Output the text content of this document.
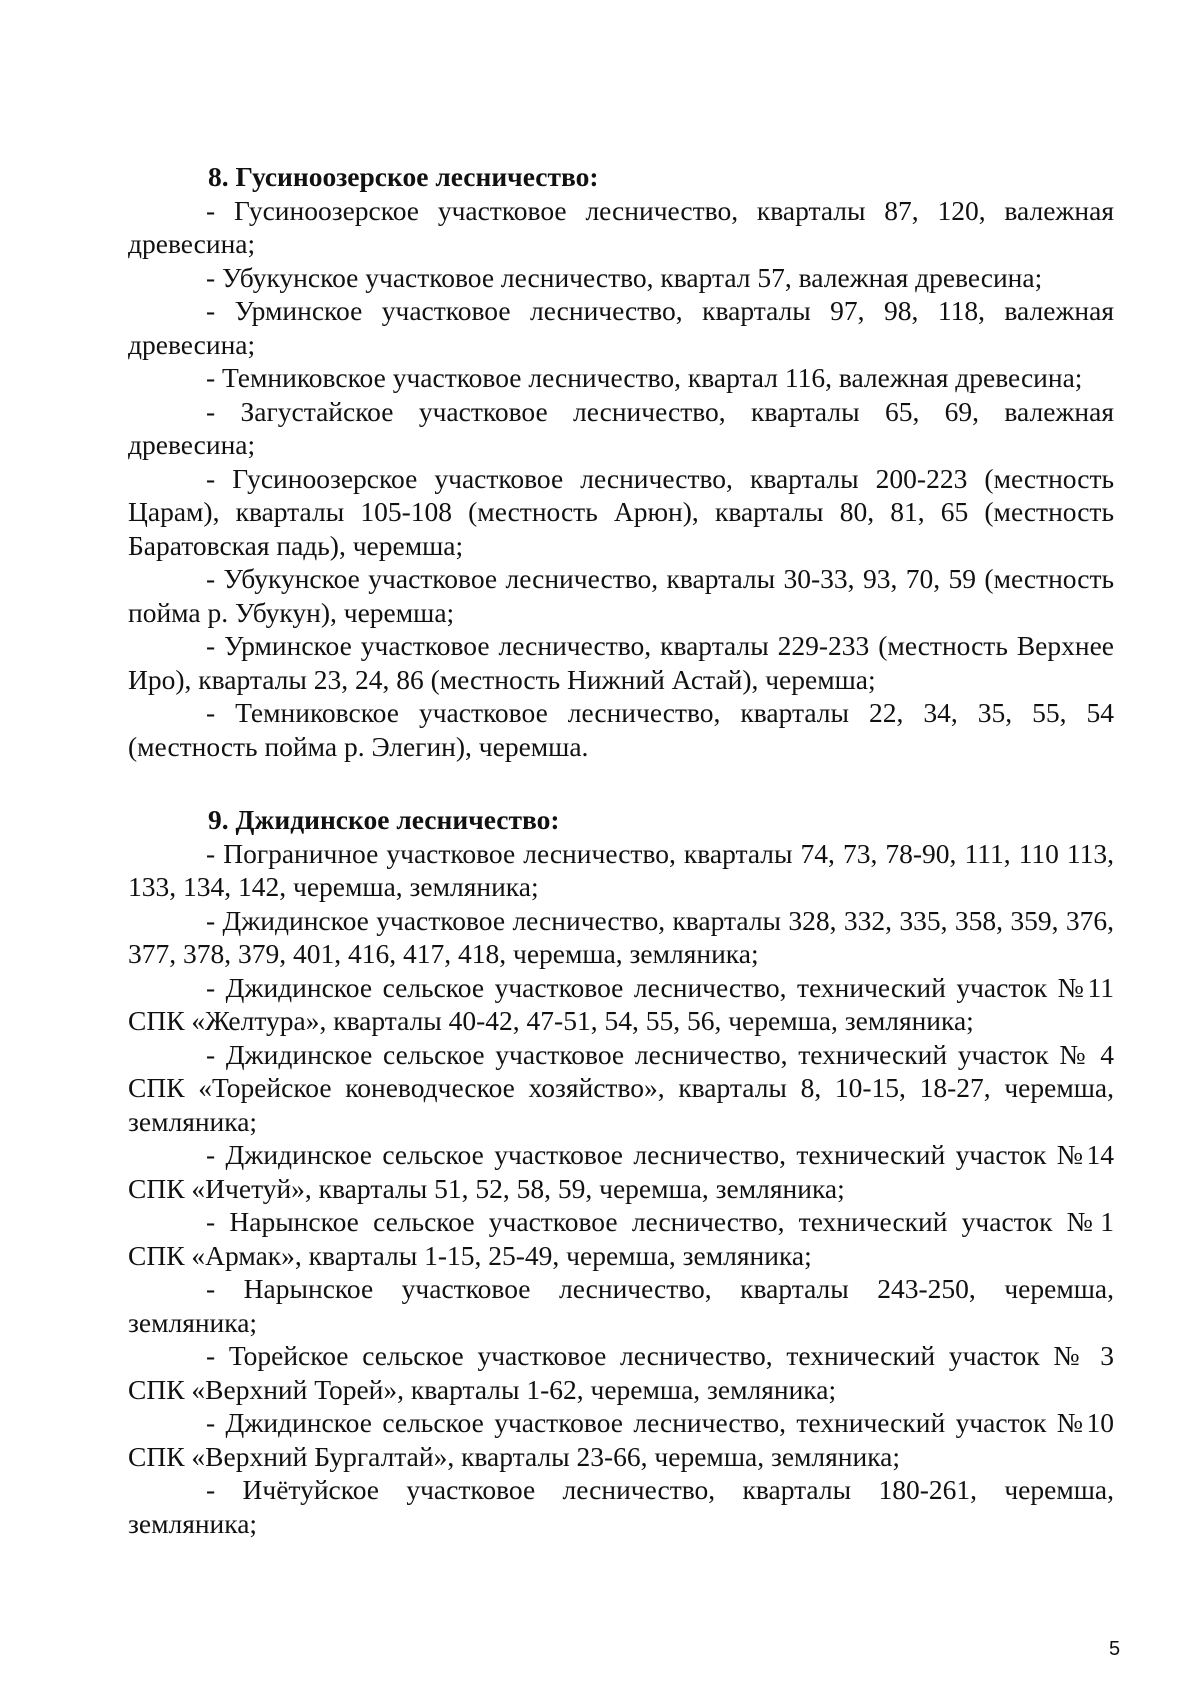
8. Гусиноозерское лесничество:

- Гусиноозерское участковое лесничество, кварталы 87, 120, валежная древесина;

- Убукунское участковое лесничество, квартал 57, валежная древесина;

- Урминское участковое лесничество, кварталы 97, 98, 118, валежная древесина;

- Темниковское участковое лесничество, квартал 116, валежная древесина;

- Загустайское участковое лесничество, кварталы 65, 69, валежная древесина;

- Гусиноозерское участковое лесничество, кварталы 200-223 (местность Царам), кварталы 105-108 (местность Арюн), кварталы 80, 81, 65 (местность Баратовская падь), черемша;

- Убукунское участковое лесничество, кварталы 30-33, 93, 70, 59 (местность пойма р. Убукун), черемша;

- Урминское участковое лесничество, кварталы 229-233 (местность Верхнее Иро), кварталы 23, 24, 86 (местность Нижний Астай), черемша;

- Темниковское участковое лесничество, кварталы 22, 34, 35, 55, 54 (местность пойма р. Элегин), черемша.

9. Джидинское лесничество:

- Пограничное участковое лесничество, кварталы 74, 73, 78-90, 111, 110 113, 133, 134, 142, черемша, земляника;

- Джидинское участковое лесничество, кварталы 328, 332, 335, 358, 359, 376, 377, 378, 379, 401, 416, 417, 418, черемша, земляника;

- Джидинское сельское участковое лесничество, технический участок №11 СПК «Желтура», кварталы 40-42, 47-51, 54, 55, 56, черемша, земляника;

- Джидинское сельское участковое лесничество, технический участок № 4 СПК «Торейское коневодческое хозяйство», кварталы 8, 10-15, 18-27, черемша, земляника;

- Джидинское сельское участковое лесничество, технический участок №14 СПК «Ичетуй», кварталы 51, 52, 58, 59, черемша, земляника;

- Нарынское сельское участковое лесничество, технический участок №1 СПК «Армак», кварталы 1-15, 25-49, черемша, земляника;

- Нарынское участковое лесничество, кварталы 243-250, черемша, земляника;

- Торейское сельское участковое лесничество, технический участок № 3 СПК «Верхний Торей», кварталы 1-62, черемша, земляника;

- Джидинское сельское участковое лесничество, технический участок №10 СПК «Верхний Бургалтай», кварталы 23-66, черемша, земляника;

- Ичётуйское участковое лесничество, кварталы 180-261, черемша, земляника;

5
